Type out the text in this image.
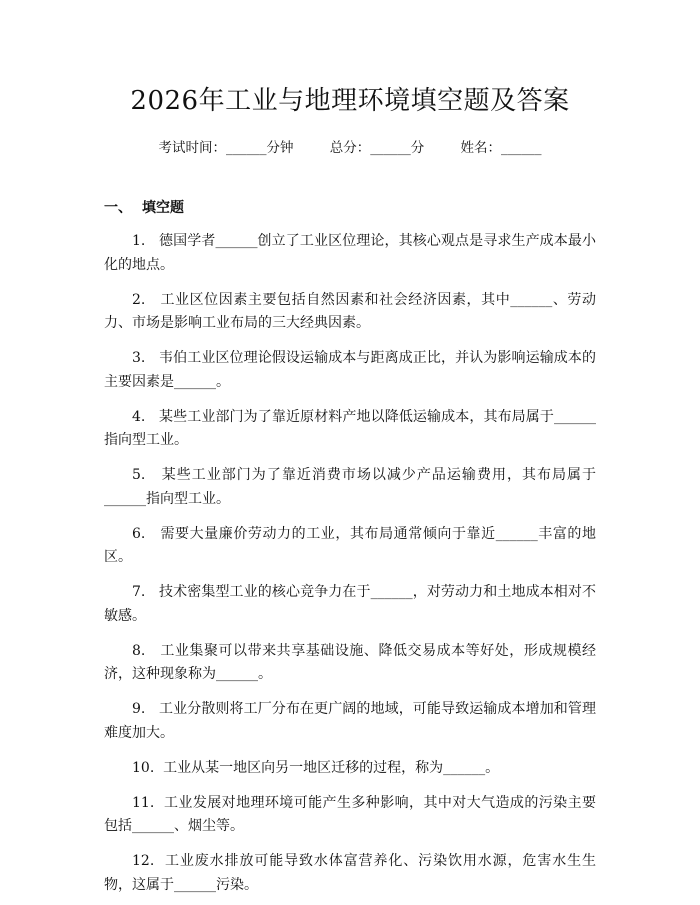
2026年工业与地理环境填空题及答案
考试时间：______分钟	总分：______分	姓名：______
一、 填空题
1. 德国学者______创立了工业区位理论，其核心观点是寻求生产成本最小化的地点。
2. 工业区位因素主要包括自然因素和社会经济因素，其中______、劳动力、市场是影响工业布局的三大经典因素。
3. 韦伯工业区位理论假设运输成本与距离成正比，并认为影响运输成本的主要因素是______。
4. 某些工业部门为了靠近原材料产地以降低运输成本，其布局属于______指向型工业。
5. 某些工业部门为了靠近消费市场以减少产品运输费用，其布局属于______指向型工业。
6. 需要大量廉价劳动力的工业，其布局通常倾向于靠近______丰富的地区。
7. 技术密集型工业的核心竞争力在于______，对劳动力和土地成本相对不敏感。
8. 工业集聚可以带来共享基础设施、降低交易成本等好处，形成规模经济，这种现象称为______。
9. 工业分散则将工厂分布在更广阔的地域，可能导致运输成本增加和管理难度加大。
10. 工业从某一地区向另一地区迁移的过程，称为______。
11. 工业发展对地理环境可能产生多种影响，其中对大气造成的污染主要包括______、烟尘等。
12. 工业废水排放可能导致水体富营养化、污染饮用水源，危害水生生物，这属于______污染。
